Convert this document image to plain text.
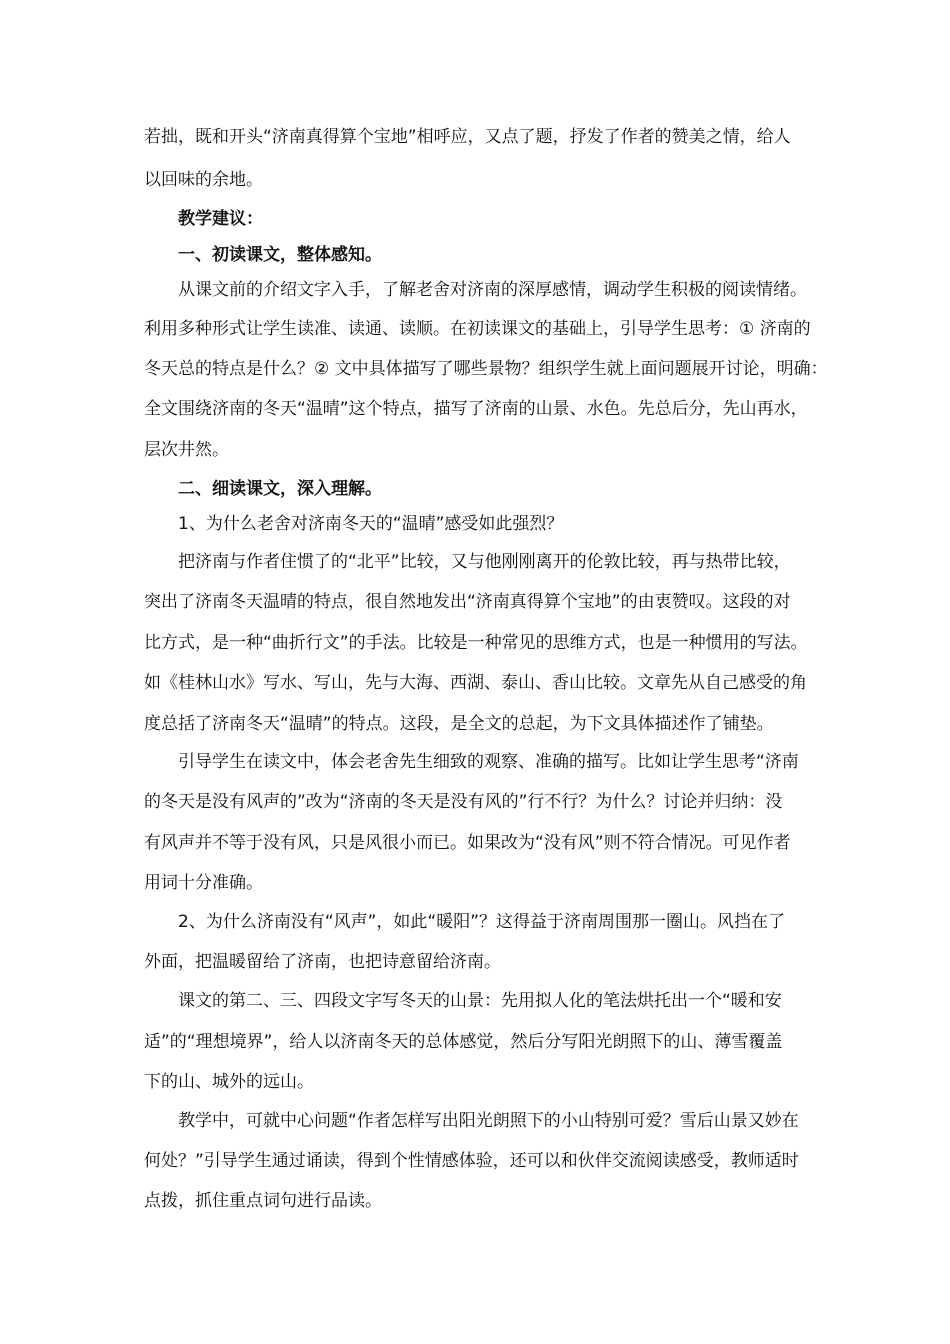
若拙，既和开头“济南真得算个宝地”相呼应，又点了题，抒发了作者的赞美之情，给人
以回味的余地。
教学建议：
一、初读课文，整体感知。
从课文前的介绍文字入手，了解老舍对济南的深厚感情，调动学生积极的阅读情绪。
利用多种形式让学生读准、读通、读顺。在初读课文的基础上，引导学生思考：① 济南的
冬天总的特点是什么？② 文中具体描写了哪些景物？组织学生就上面问题展开讨论，明确：
全文围绕济南的冬天“温晴”这个特点，描写了济南的山景、水色。先总后分，先山再水，
层次井然。
二、细读课文，深入理解。
1、为什么老舍对济南冬天的“温晴”感受如此强烈？
把济南与作者住惯了的“北平”比较，又与他刚刚离开的伦敦比较，再与热带比较，
突出了济南冬天温晴的特点，很自然地发出“济南真得算个宝地”的由衷赞叹。这段的对
比方式，是一种“曲折行文”的手法。比较是一种常见的思维方式，也是一种惯用的写法。
如《桂林山水》写水、写山，先与大海、西湖、泰山、香山比较。文章先从自己感受的角
度总括了济南冬天“温晴”的特点。这段，是全文的总起，为下文具体描述作了铺垫。
引导学生在读文中，体会老舍先生细致的观察、准确的描写。比如让学生思考“济南
的冬天是没有风声的”改为“济南的冬天是没有风的”行不行？为什么？讨论并归纳：没
有风声并不等于没有风，只是风很小而已。如果改为“没有风”则不符合情况。可见作者
用词十分准确。
2、为什么济南没有“风声”，如此“暖阳”？这得益于济南周围那一圈山。风挡在了
外面，把温暖留给了济南，也把诗意留给济南。
课文的第二、三、四段文字写冬天的山景：先用拟人化的笔法烘托出一个“暖和安
适”的“理想境界”，给人以济南冬天的总体感觉，然后分写阳光朗照下的山、薄雪覆盖
下的山、城外的远山。
教学中，可就中心问题“作者怎样写出阳光朗照下的小山特别可爱？雪后山景又妙在
何处？”引导学生通过诵读，得到个性情感体验，还可以和伙伴交流阅读感受，教师适时
点拨，抓住重点词句进行品读。
